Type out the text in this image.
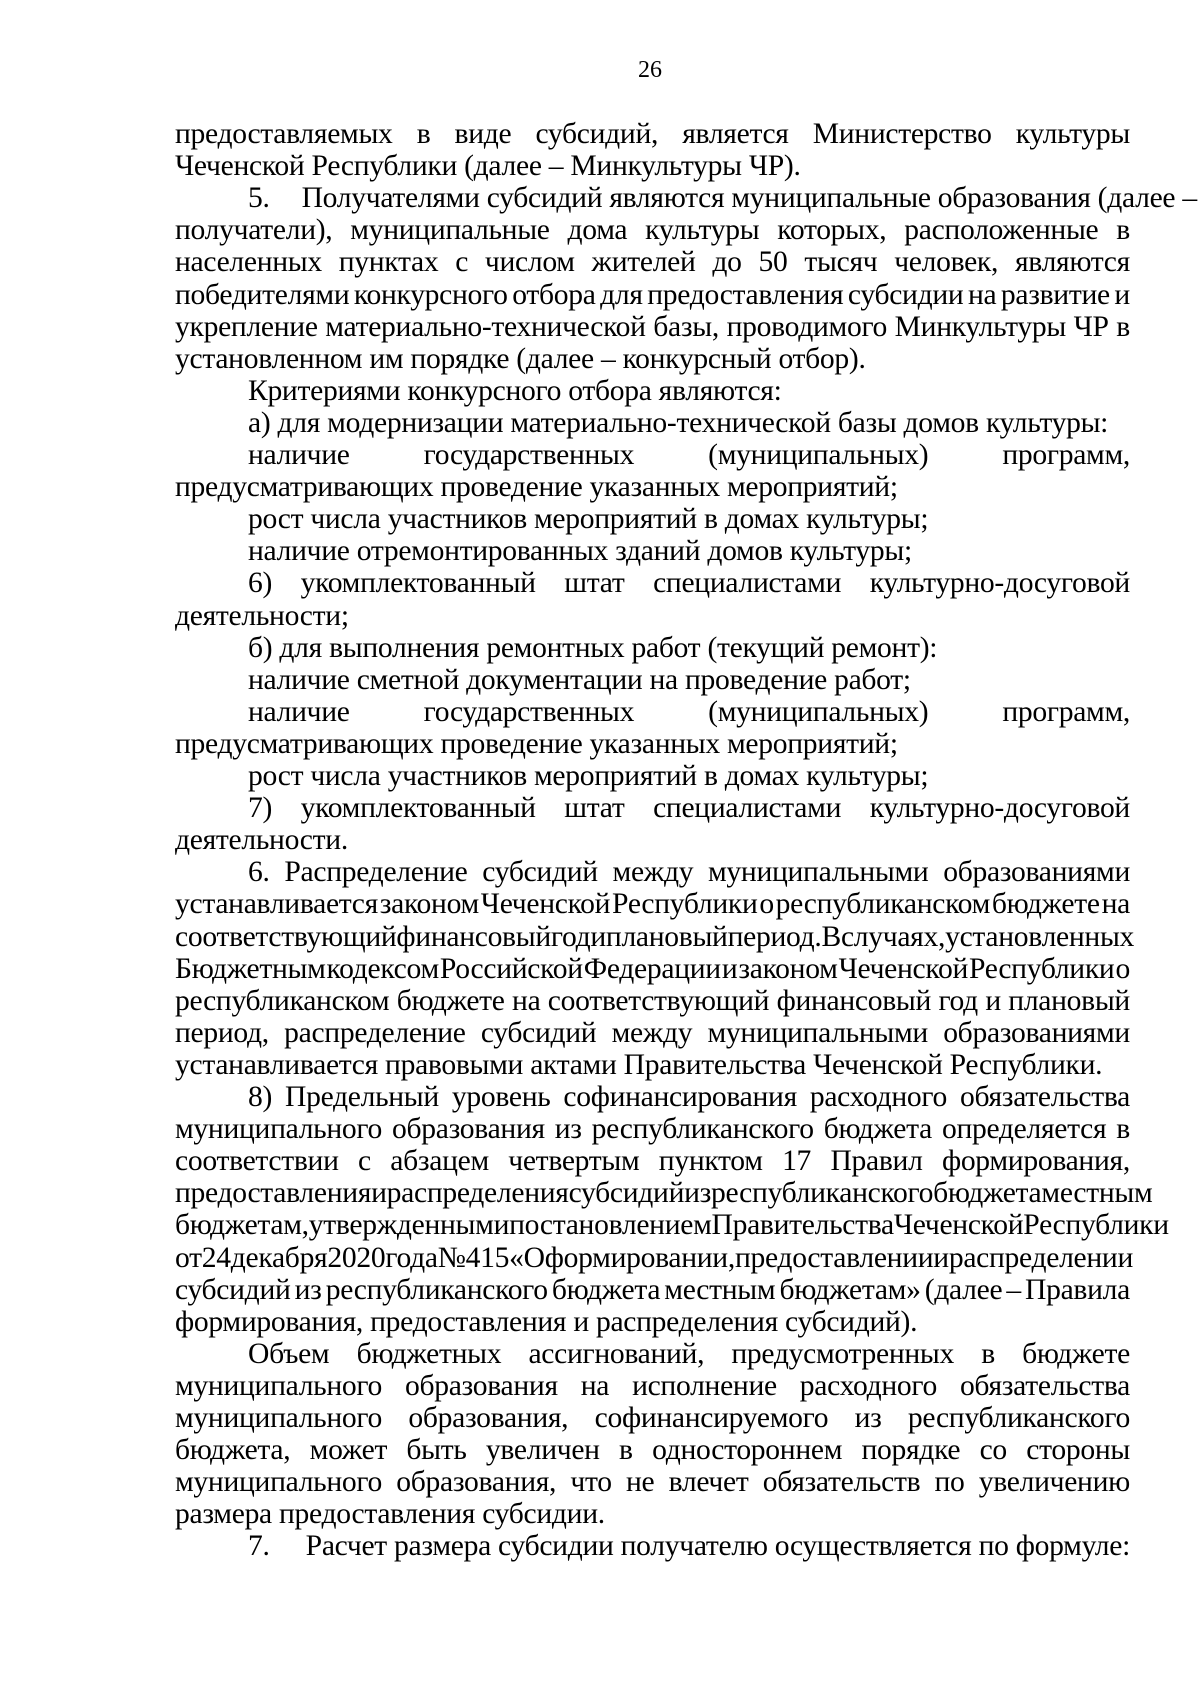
26
предоставляемых в виде субсидий, является Министерство культуры
Чеченской Республики (далее – Минкультуры ЧР).
5. Получателями субсидий являются муниципальные образования (далее –
получатели), муниципальные дома культуры которых, расположенные в
населенных пунктах с числом жителей до 50 тысяч человек, являются
победителями конкурсного отбора для предоставления субсидии на развитие и
укрепление материально-технической базы, проводимого Минкультуры ЧР в
установленном им порядке (далее – конкурсный отбор).
Критериями конкурсного отбора являются:
а) для модернизации материально-технической базы домов культуры:
наличие	государственных	(муниципальных)	программ,
предусматривающих проведение указанных мероприятий;
рост числа участников мероприятий в домах культуры;
наличие отремонтированных зданий домов культуры;
6) укомплектованный штат специалистами культурно-досуговой
деятельности;
б) для выполнения ремонтных работ (текущий ремонт):
наличие сметной документации на проведение работ;
наличие	государственных	(муниципальных)	программ,
предусматривающих проведение указанных мероприятий;
рост числа участников мероприятий в домах культуры;
7) укомплектованный штат специалистами культурно-досуговой
деятельности.
6. Распределение субсидий между муниципальными образованиями
устанавливается законом Чеченской Республики о республиканском бюджете на
соответствующий финансовый год и плановый период. В случаях, установленных
Бюджетным кодексом Российской Федерации и законом Чеченской Республики о
республиканском бюджете на соответствующий финансовый год и плановый
период, распределение субсидий между муниципальными образованиями
устанавливается правовыми актами Правительства Чеченской Республики.
8) Предельный уровень софинансирования расходного обязательства
муниципального образования из республиканского бюджета определяется в
соответствии с абзацем четвертым пунктом 17 Правил формирования,
предоставления и распределения субсидий из республиканского бюджета местным
бюджетам, утвержденными постановлением Правительства Чеченской Республики
от 24 декабря 2020 года № 415 «О формировании, предоставлении и распределении
субсидий из республиканского бюджета местным бюджетам» (далее – Правила
формирования, предоставления и распределения субсидий).
Объем бюджетных ассигнований, предусмотренных в бюджете
муниципального образования на исполнение расходного обязательства
муниципального образования, софинансируемого из республиканского
бюджета, может быть увеличен в одностороннем порядке со стороны
муниципального образования, что не влечет обязательств по увеличению
размера предоставления субсидии.
7. Расчет размера субсидии получателю осуществляется по формуле:
